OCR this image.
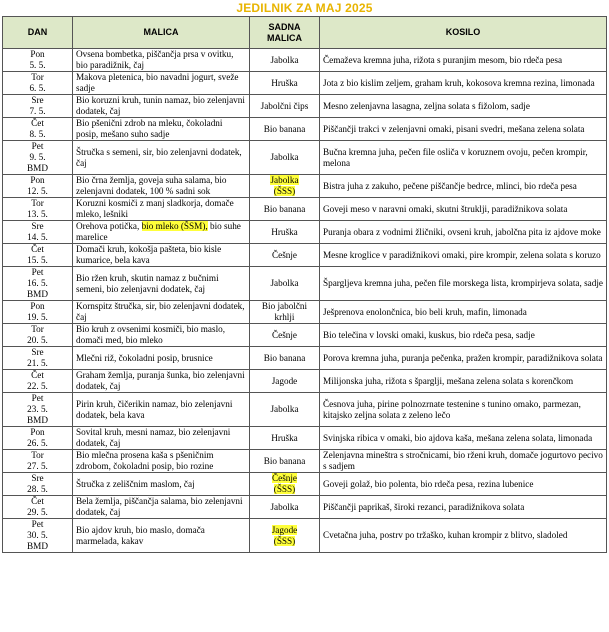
JEDILNIK ZA MAJ 2025
DAN	MALICA	SADNA MALICA	KOSILO
Pon
5. 5.	Ovsena bombetka, piščančja prsa v ovitku, bio paradižnik, čaj	Jabolka	Čemaževa kremna juha, rižota s puranjim mesom, bio rdeča pesa
Tor
6. 5.	Makova pletenica, bio navadni jogurt, sveže sadje	Hruška	Jota z bio kislim zeljem, graham kruh, kokosova kremna rezina, limonada
Sre
7. 5.	Bio koruzni kruh, tunin namaz, bio zelenjavni dodatek, čaj	Jabolčni čips	Mesno zelenjavna lasagna, zeljna solata s fižolom, sadje
Čet
8. 5.	Bio pšenični zdrob na mleku, čokoladni posip, mešano suho sadje	Bio banana	Piščančji trakci v zelenjavni omaki, pisani svedri, mešana zelena solata
Pet
9. 5.
BMD	Štručka s semeni, sir, bio zelenjavni dodatek, čaj	Jabolka	Bučna kremna juha, pečen file osliča v koruznem ovoju, pečen krompir, melona
Pon
12. 5.	Bio črna žemlja, goveja suha salama, bio zelenjavni dodatek, 100 % sadni sok	Jabolka
(ŠSS)	Bistra juha z zakuho, pečene piščančje bedrce, mlinci, bio rdeča pesa
Tor
13. 5.	Koruzni kosmiči z manj sladkorja, domače mleko, lešniki	Bio banana	Goveji meso v naravni omaki, skutni štruklji, paradižnikova solata
Sre
14. 5.	Orehova potička, bio mleko (ŠSM), bio suhe marelice	Hruška	Puranja obara z vodnimi žličniki, ovseni kruh, jabolčna pita iz ajdove moke
Čet
15. 5.	Domači kruh, kokošja pašteta, bio kisle kumarice, bela kava	Češnje	Mesne kroglice v paradižnikovi omaki, pire krompir, zelena solata s koruzo
Pet
16. 5.
BMD	Bio ržen kruh, skutin namaz z bučnimi semeni, bio zelenjavni dodatek, čaj	Jabolka	Špargljeva kremna juha, pečen file morskega lista, krompirjeva solata, sadje
Pon
19. 5.	Kornspitz štručka, sir, bio zelenjavni dodatek, čaj	Bio jabolčni
krhlji	Ješprenova enolončnica, bio beli kruh, mafin, limonada
Tor
20. 5.	Bio kruh z ovsenimi kosmiči, bio maslo, domači med, bio mleko	Češnje	Bio telečina v lovski omaki, kuskus, bio rdeča pesa, sadje
Sre
21. 5.	Mlečni riž, čokoladni posip, brusnice	Bio banana	Porova kremna juha, puranja pečenka, pražen krompir, paradižnikova solata
Čet
22. 5.	Graham žemlja, puranja šunka, bio zelenjavni dodatek, čaj	Jagode	Milijonska juha, rižota s šparglji, mešana zelena solata s korenčkom
Pet
23. 5.
BMD	Pirin kruh, čičerikin namaz, bio zelenjavni dodatek, bela kava	Jabolka	Česnova juha, pirine polnozrnate testenine s tunino omako, parmezan, kitajsko zeljna solata z zeleno lečo
Pon
26. 5.	Sovital kruh, mesni namaz, bio zelenjavni dodatek, čaj	Hruška	Svinjska ribica v omaki, bio ajdova kaša, mešana zelena solata, limonada
Tor
27. 5.	Bio mlečna prosena kaša s pšeničnim zdrobom, čokoladni posip, bio rozine	Bio banana	Zelenjavna mineštra s stročnicami, bio rženi kruh, domače jogurtovo pecivo s sadjem
Sre
28. 5.	Štručka z zeliščnim maslom, čaj	Češnje
(ŠSS)	Goveji golaž, bio polenta, bio rdeča pesa, rezina lubenice
Čet
29. 5.	Bela žemlja, piščančja salama, bio zelenjavni dodatek, čaj	Jabolka	Piščančji paprikaš, široki rezanci, paradižnikova solata
Pet
30. 5.
BMD	Bio ajdov kruh, bio maslo, domača marmelada, kakav	Jagode
(ŠSS)	Cvetačna juha, postrv po tržaško, kuhan krompir z blitvo, sladoled
